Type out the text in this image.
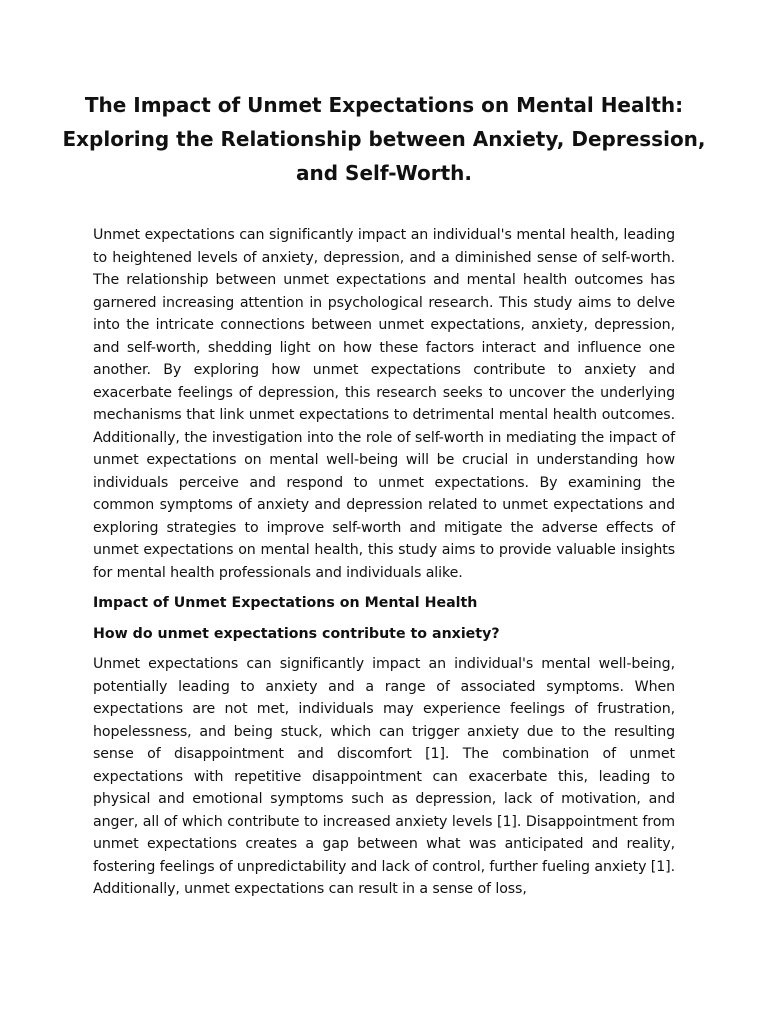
The Impact of Unmet Expectations on Mental Health: Exploring the Relationship between Anxiety, Depression, and Self-Worth.

Unmet expectations can significantly impact an individual's mental health, leading to heightened levels of anxiety, depression, and a diminished sense of self-worth. The relationship between unmet expectations and mental health outcomes has garnered increasing attention in psychological research. This study aims to delve into the intricate connections between unmet expectations, anxiety, depression, and self-worth, shedding light on how these factors interact and influence one another. By exploring how unmet expectations contribute to anxiety and exacerbate feelings of depression, this research seeks to uncover the underlying mechanisms that link unmet expectations to detrimental mental health outcomes. Additionally, the investigation into the role of self-worth in mediating the impact of unmet expectations on mental well-being will be crucial in understanding how individuals perceive and respond to unmet expectations. By examining the common symptoms of anxiety and depression related to unmet expectations and exploring strategies to improve self-worth and mitigate the adverse effects of unmet expectations on mental health, this study aims to provide valuable insights for mental health professionals and individuals alike.

Impact of Unmet Expectations on Mental Health
How do unmet expectations contribute to anxiety?

Unmet expectations can significantly impact an individual's mental well-being, potentially leading to anxiety and a range of associated symptoms. When expectations are not met, individuals may experience feelings of frustration, hopelessness, and being stuck, which can trigger anxiety due to the resulting sense of disappointment and discomfort [1]. The combination of unmet expectations with repetitive disappointment can exacerbate this, leading to physical and emotional symptoms such as depression, lack of motivation, and anger, all of which contribute to increased anxiety levels [1]. Disappointment from unmet expectations creates a gap between what was anticipated and reality, fostering feelings of unpredictability and lack of control, further fueling anxiety [1]. Additionally, unmet expectations can result in a sense of loss,
